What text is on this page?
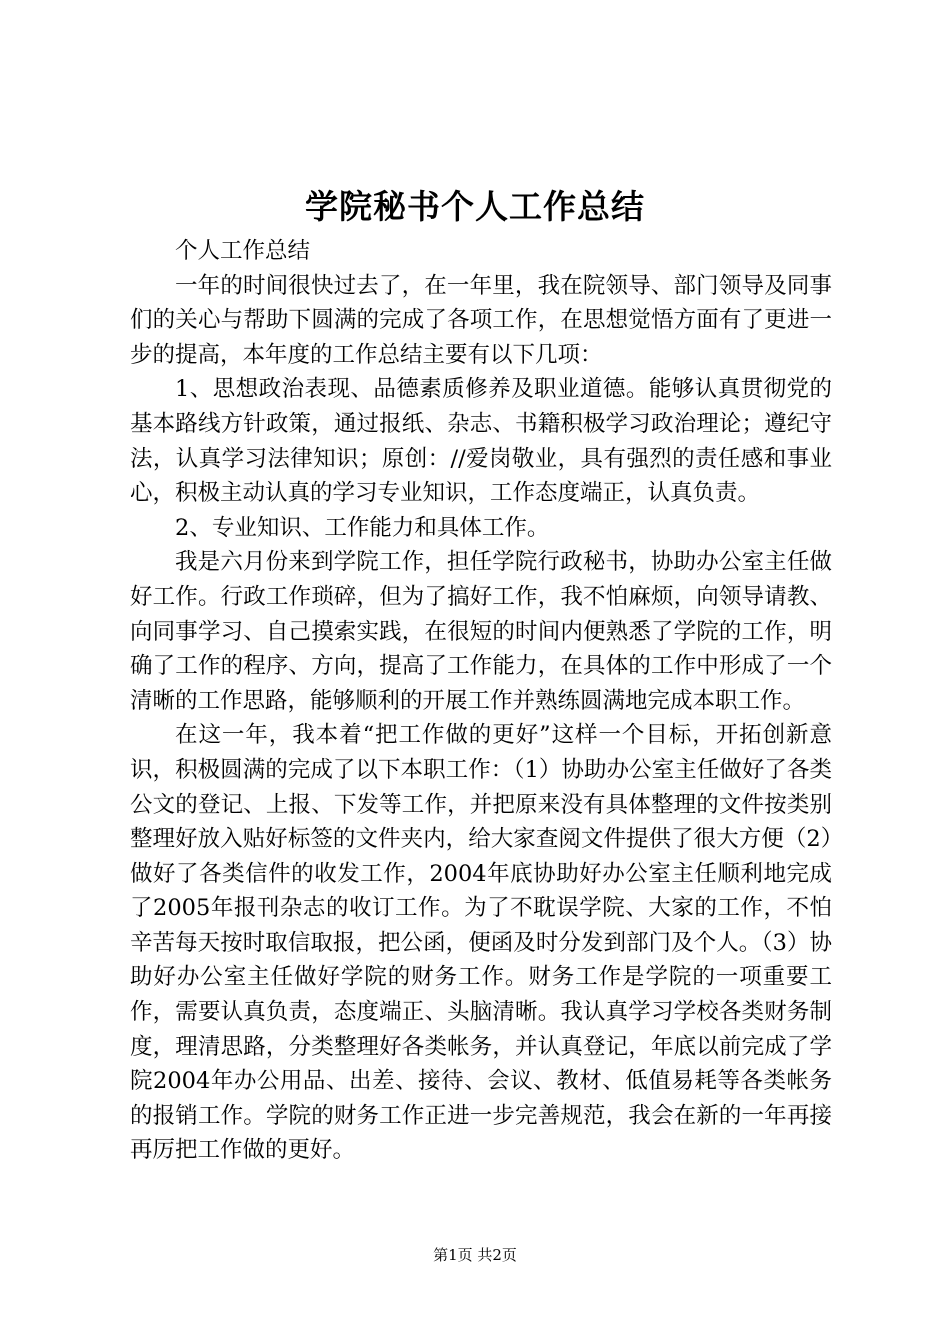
学院秘书个人工作总结

个人工作总结

一年的时间很快过去了，在一年里，我在院领导、部门领导及同事们的关心与帮助下圆满的完成了各项工作，在思想觉悟方面有了更进一步的提高，本年度的工作总结主要有以下几项：

1、思想政治表现、品德素质修养及职业道德。能够认真贯彻党的基本路线方针政策，通过报纸、杂志、书籍积极学习政治理论；遵纪守法，认真学习法律知识；原创：//爱岗敬业，具有强烈的责任感和事业心，积极主动认真的学习专业知识，工作态度端正，认真负责。

2、专业知识、工作能力和具体工作。

我是六月份来到学院工作，担任学院行政秘书，协助办公室主任做好工作。行政工作琐碎，但为了搞好工作，我不怕麻烦，向领导请教、向同事学习、自己摸索实践，在很短的时间内便熟悉了学院的工作，明确了工作的程序、方向，提高了工作能力，在具体的工作中形成了一个清晰的工作思路，能够顺利的开展工作并熟练圆满地完成本职工作。

在这一年，我本着“把工作做的更好”这样一个目标，开拓创新意识，积极圆满的完成了以下本职工作：（1）协助办公室主任做好了各类公文的登记、上报、下发等工作，并把原来没有具体整理的文件按类别整理好放入贴好标签的文件夹内，给大家查阅文件提供了很大方便（2）做好了各类信件的收发工作，2004年底协助好办公室主任顺利地完成了2005年报刊杂志的收订工作。为了不耽误学院、大家的工作，不怕辛苦每天按时取信取报，把公函，便函及时分发到部门及个人。（3）协助好办公室主任做好学院的财务工作。财务工作是学院的一项重要工作，需要认真负责，态度端正、头脑清晰。我认真学习学校各类财务制度，理清思路，分类整理好各类帐务，并认真登记，年底以前完成了学院2004年办公用品、出差、接待、会议、教材、低值易耗等各类帐务的报销工作。学院的财务工作正进一步完善规范，我会在新的一年再接再厉把工作做的更好。

第1页 共2页
